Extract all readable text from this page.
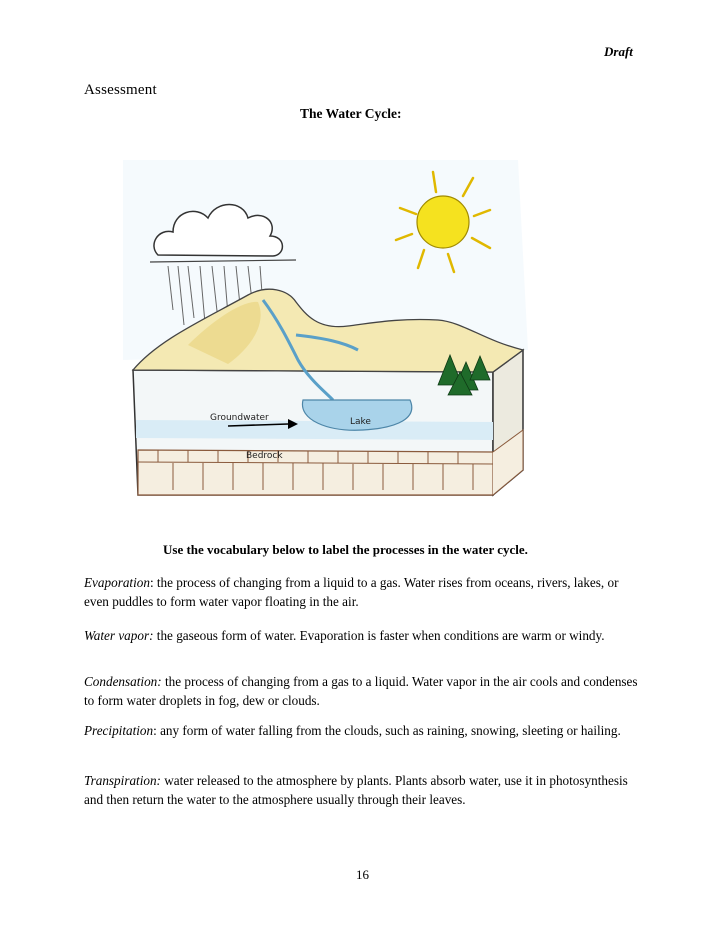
Draft
Assessment
The Water Cycle:
Lake
Groundwater
Bedrock
Use the vocabulary below to label the processes in the water cycle.
Evaporation: the process of changing from a liquid to a gas. Water rises from oceans, rivers, lakes, or even puddles to form water vapor floating in the air.
Water vapor: the gaseous form of water. Evaporation is faster when conditions are warm or windy.
Condensation: the process of changing from a gas to a liquid. Water vapor in the air cools and condenses to form water droplets in fog, dew or clouds.
Precipitation: any form of water falling from the clouds, such as raining, snowing, sleeting or hailing.
Transpiration: water released to the atmosphere by plants. Plants absorb water, use it in photosynthesis and then return the water to the atmosphere usually through their leaves.
16
